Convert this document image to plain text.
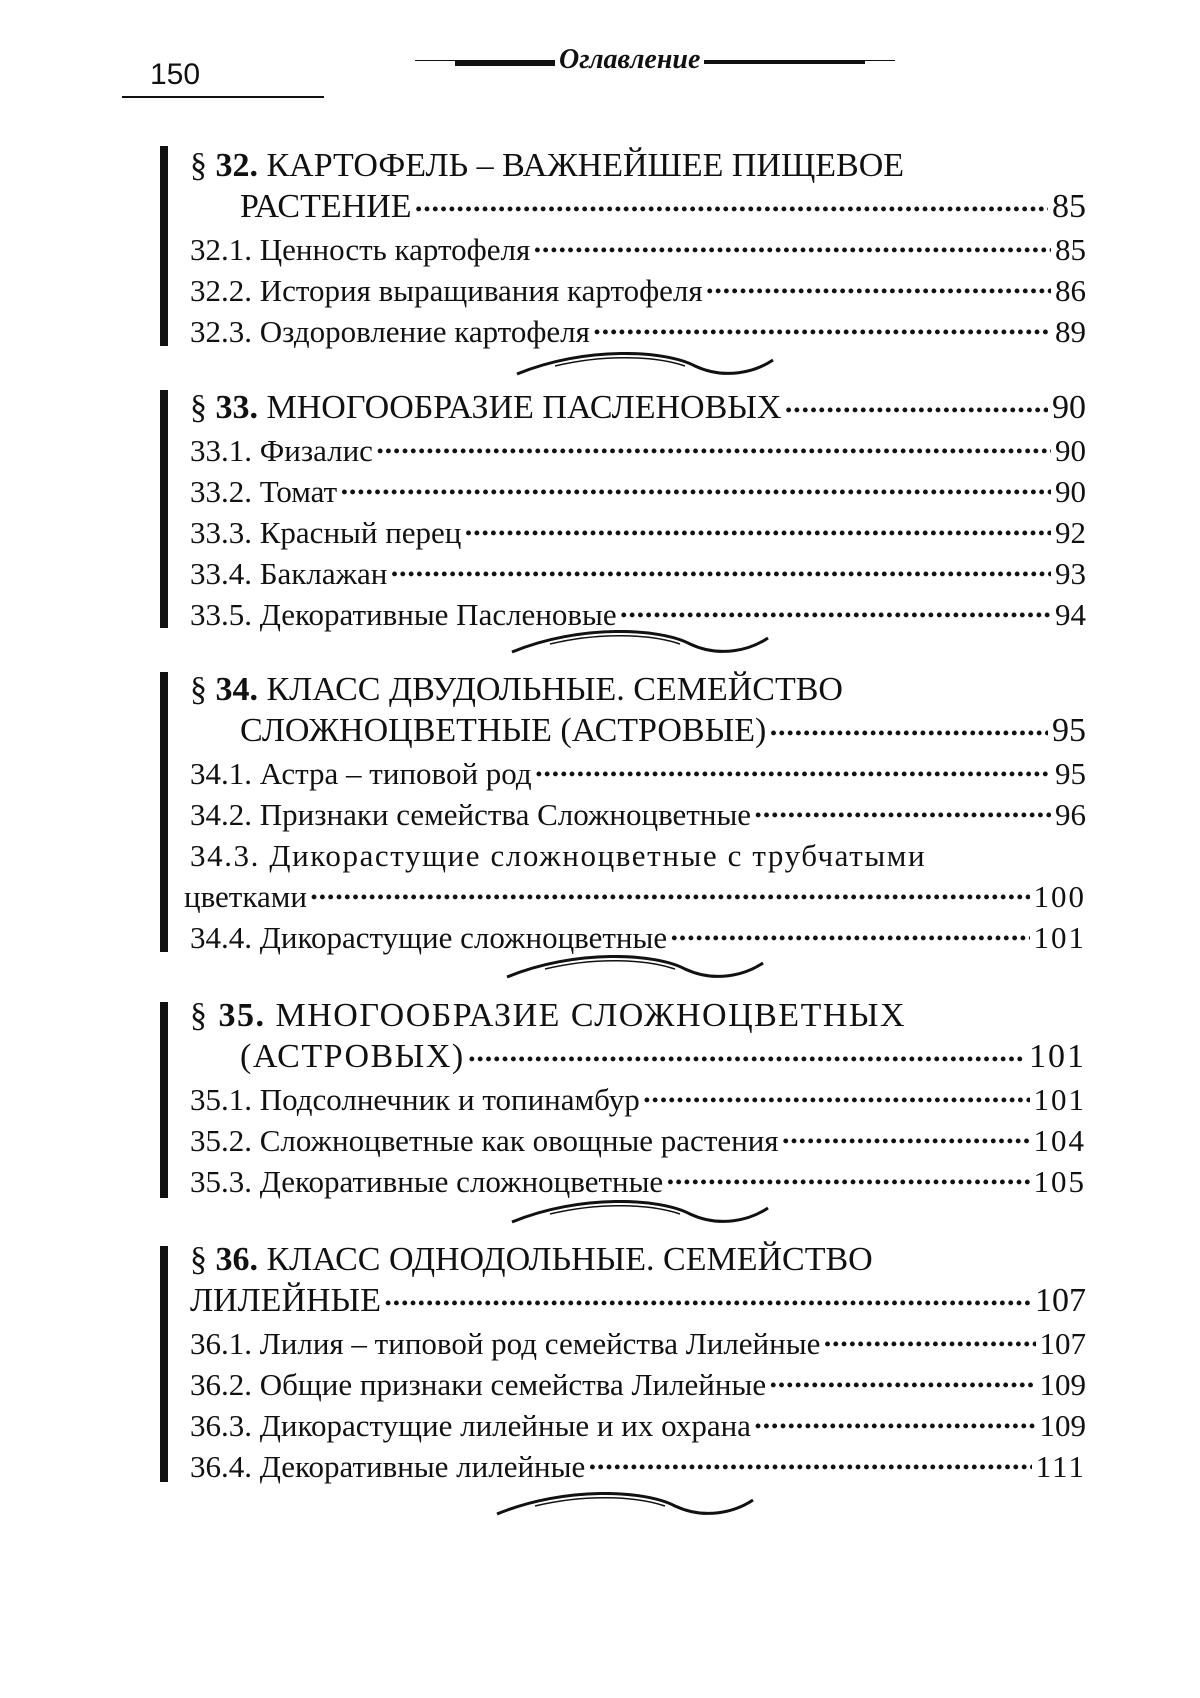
150	Оглавление
§ 32. КАРТОФЕЛЬ – ВАЖНЕЙШЕЕ ПИЩЕВОЕ
РАСТЕНИЕ •••••	85
32.1. Ценность картофеля •••••	85
32.2. История выращивания картофеля •••••	86
32.3. Оздоровление картофеля •••••	89
§ 33. МНОГООБРАЗИЕ ПАСЛЕНОВЫХ •••••	90
33.1. Физалис •••••	90
33.2. Томат •••••	90
33.3. Красный перец •••••	92
33.4. Баклажан •••••	93
33.5. Декоративные Пасленовые •••••	94
§ 34. КЛАСС ДВУДОЛЬНЫЕ. СЕМЕЙСТВО
СЛОЖНОЦВЕТНЫЕ (АСТРОВЫЕ) •••••	95
34.1. Астра – типовой род •••••	95
34.2. Признаки семейства Сложноцветные •••••	96
34.3. Дикорастущие сложноцветные с трубчатыми
цветками •••••	100
34.4. Дикорастущие сложноцветные •••••	101
§ 35. МНОГООБРАЗИЕ СЛОЖНОЦВЕТНЫХ
(АСТРОВЫХ) •••••	101
35.1. Подсолнечник и топинамбур •••••	101
35.2. Сложноцветные как овощные растения •••••	104
35.3. Декоративные сложноцветные •••••	105
§ 36. КЛАСС ОДНОДОЛЬНЫЕ. СЕМЕЙСТВО
ЛИЛЕЙНЫЕ •••••	107
36.1. Лилия – типовой род семейства Лилейные •••••	107
36.2. Общие признаки семейства Лилейные •••••	109
36.3. Дикорастущие лилейные и их охрана •••••	109
36.4. Декоративные лилейные •••••	111
